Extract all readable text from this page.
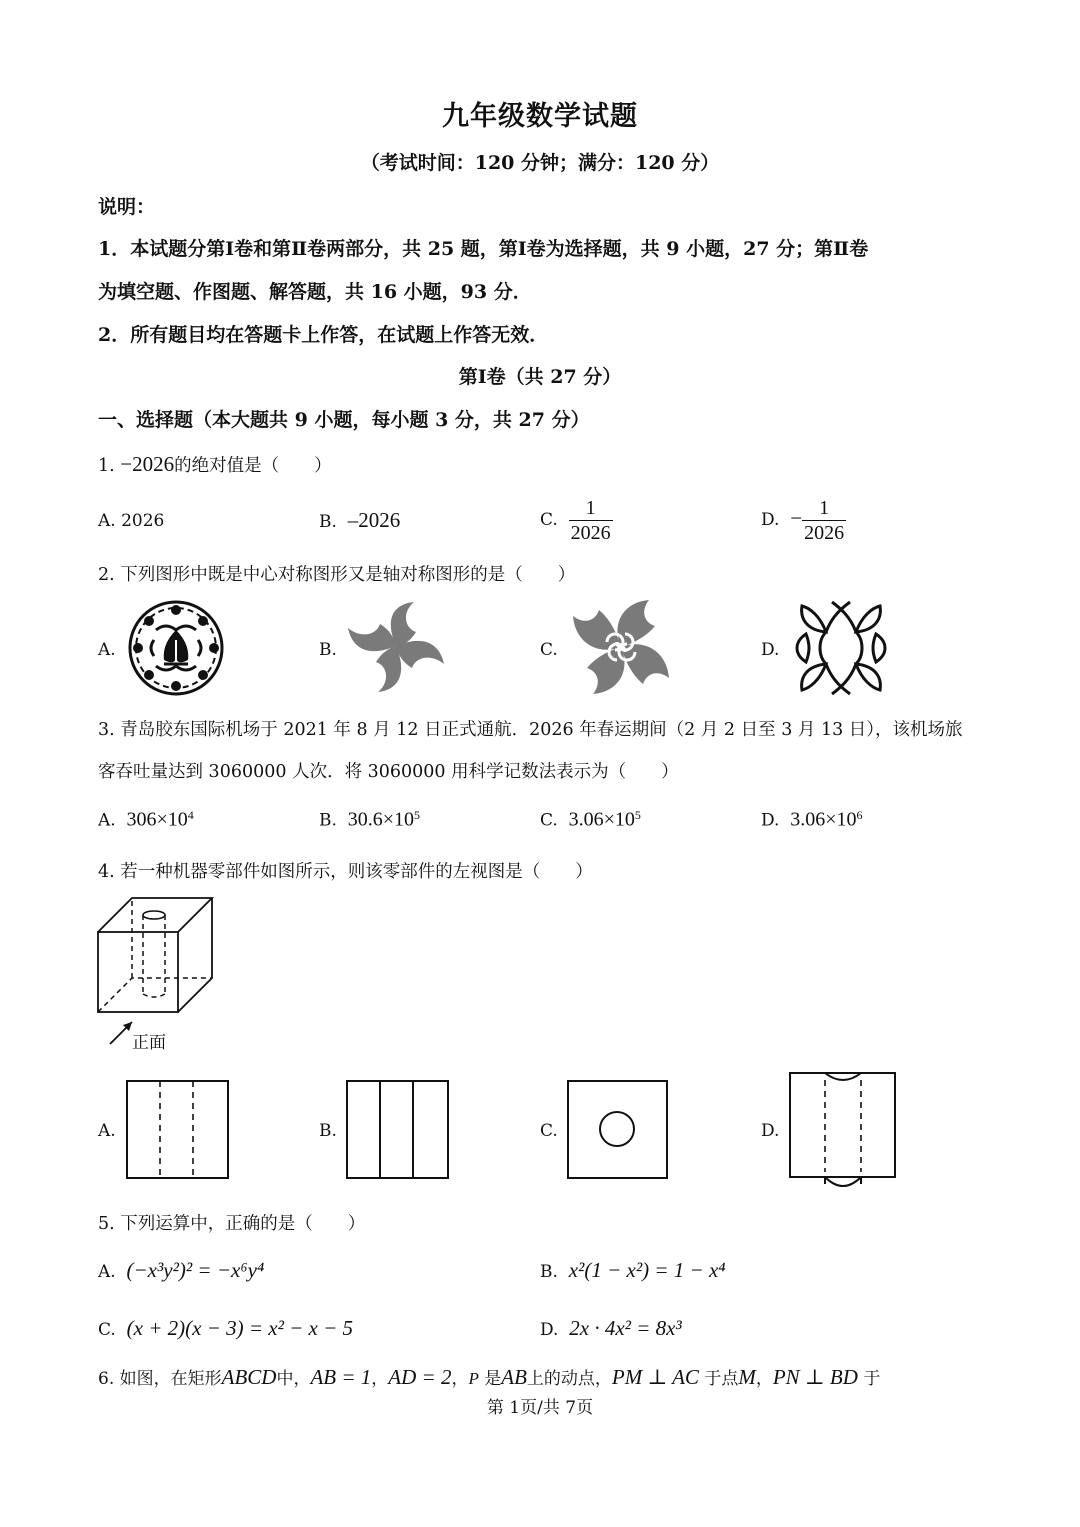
九年级数学试题
（考试时间：120 分钟；满分：120 分）
说明：
1．本试题分第Ⅰ卷和第Ⅱ卷两部分，共 25 题，第Ⅰ卷为选择题，共 9 小题，27 分；第Ⅱ卷
为填空题、作图题、解答题，共 16 小题，93 分．
2．所有题目均在答题卡上作答，在试题上作答无效．
第Ⅰ卷（共 27 分）
一、选择题（本大题共 9 小题，每小题 3 分，共 27 分）
1. −2026的绝对值是（　　）
A. 2026	B. –2026	C. $\frac{1}{2026}$	D. − $\frac{1}{2026}$
2. 下列图形中既是中心对称图形又是轴对称图形的是（　　）
A.	B.	C.	D.
3. 青岛胶东国际机场于 2021 年 8 月 12 日正式通航．2026 年春运期间（2 月 2 日至 3 月 13 日），该机场旅
客吞吐量达到 3060000 人次．将 3060000 用科学记数法表示为（　　）
A. $306\times 10^4$	B. $30.6\times 10^5$	C. $3.06\times 10^5$	D. $3.06\times 10^6$
4. 若一种机器零部件如图所示，则该零部件的左视图是（　　）
正面
A.	B.	C.	D.
5. 下列运算中，正确的是（　　）
A. (−x³y²)² = −x⁶y⁴	B. x²(1 − x²) = 1 − x⁴
C. (x + 2)(x − 3) = x² − x − 5	D. 2x · 4x² = 8x³
6. 如图，在矩形ABCD中，AB = 1，AD = 2，P 是AB上的动点，PM ⊥ AC 于点M，PN ⊥ BD 于
第 1页/共 7页
